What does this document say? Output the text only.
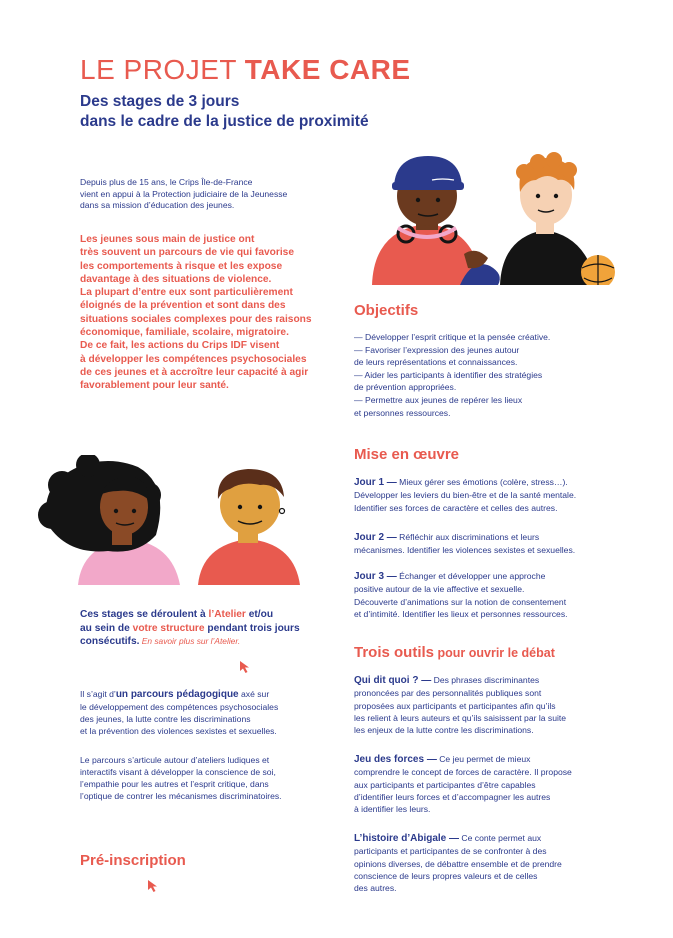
LE PROJET TAKE CARE
Des stages de 3 jours
dans le cadre de la justice de proximité
Depuis plus de 15 ans, le Crips Île-de-France
vient en appui à la Protection judiciaire de la Jeunesse
dans sa mission d’éducation des jeunes.
Les jeunes sous main de justice ont
très souvent un parcours de vie qui favorise
les comportements à risque et les expose
davantage à des situations de violence.
La plupart d’entre eux sont particulièrement
éloignés de la prévention et sont dans des
situations sociales complexes pour des raisons
économique, familiale, scolaire, migratoire.
De ce fait, les actions du Crips IDF visent
à développer les compétences psychosociales
de ces jeunes et à accroître leur capacité à agir
favorablement pour leur santé.
Objectifs
— Développer l’esprit critique et la pensée créative.
— Favoriser l’expression des jeunes autour
de leurs représentations et connaissances.
— Aider les participants à identifier des stratégies
de prévention appropriées.
— Permettre aux jeunes de repérer les lieux
et personnes ressources.
Mise en œuvre
Jour 1 — Mieux gérer ses émotions (colère, stress…).
Développer les leviers du bien-être et de la santé mentale.
Identifier ses forces de caractère et celles des autres.
Jour 2 — Réfléchir aux discriminations et leurs
mécanismes. Identifier les violences sexistes et sexuelles.
Jour 3 — Échanger et développer une approche
positive autour de la vie affective et sexuelle.
Découverte d’animations sur la notion de consentement
et d’intimité. Identifier les lieux et personnes ressources.
Trois outils pour ouvrir le débat
Qui dit quoi ? — Des phrases discriminantes
prononcées par des personnalités publiques sont
proposées aux participants et participantes afin qu’ils
les relient à leurs auteurs et qu’ils saisissent par la suite
les enjeux de la lutte contre les discriminations.
Jeu des forces — Ce jeu permet de mieux
comprendre le concept de forces de caractère. Il propose
aux participants et participantes d’être capables
d’identifier leurs forces et d’accompagner les autres
à identifier les leurs.
L’histoire d’Abigale — Ce conte permet aux
participants et participantes de se confronter à des
opinions diverses, de débattre ensemble et de prendre
conscience de leurs propres valeurs et de celles
des autres.
Ces stages se déroulent à l’Atelier et/ou
au sein de votre structure pendant trois jours
consécutifs. En savoir plus sur l’Atelier.
Il s’agit d’un parcours pédagogique axé sur
le développement des compétences psychosociales
des jeunes, la lutte contre les discriminations
et la prévention des violences sexistes et sexuelles.
Le parcours s’articule autour d’ateliers ludiques et
interactifs visant à développer la conscience de soi,
l’empathie pour les autres et l’esprit critique, dans
l’optique de contrer les mécanismes discriminatoires.
Pré-inscription
